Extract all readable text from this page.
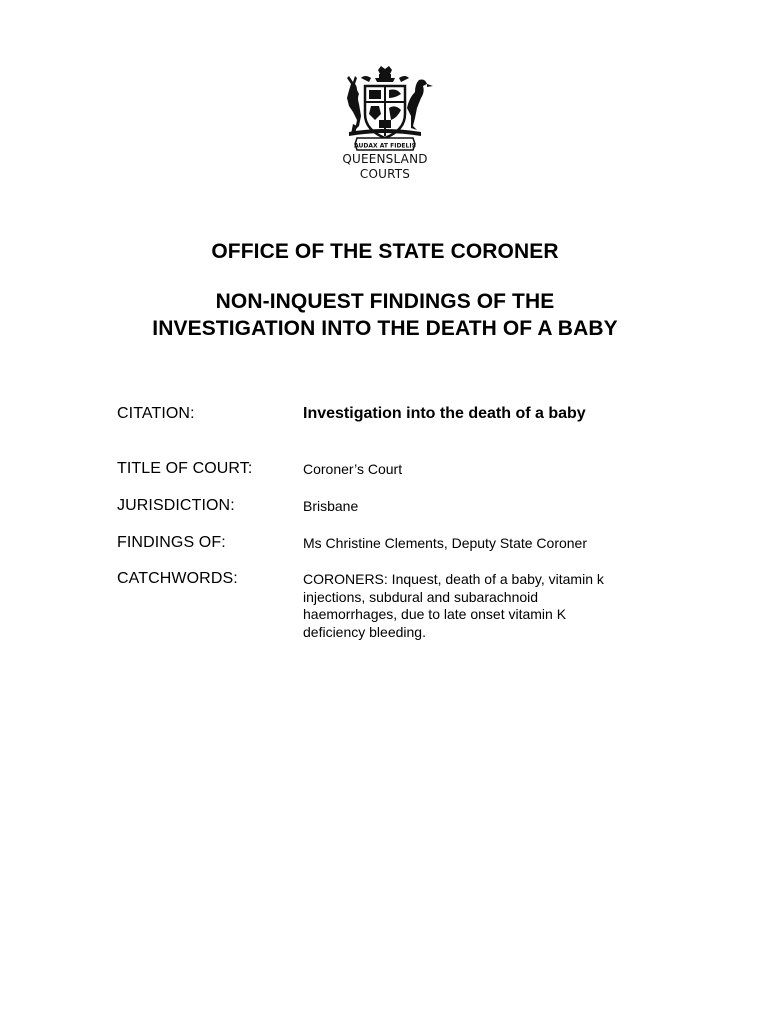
AUDAX AT FIDELIS
QUEENSLAND
COURTS
OFFICE OF THE STATE CORONER
NON-INQUEST FINDINGS OF THE
INVESTIGATION INTO THE DEATH OF A BABY
CITATION:	Investigation into the death of a baby
TITLE OF COURT:	Coroner’s Court
JURISDICTION:	Brisbane
FINDINGS OF:	Ms Christine Clements, Deputy State Coroner
CATCHWORDS:	CORONERS: Inquest, death of a baby, vitamin k
injections, subdural and subarachnoid
haemorrhages, due to late onset vitamin K
deficiency bleeding.
